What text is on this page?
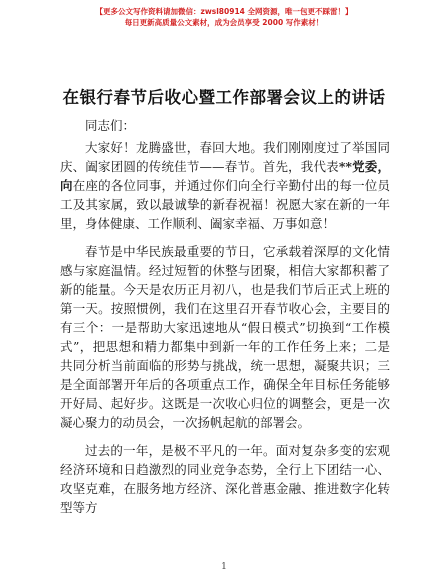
【更多公文写作资料请加微信：zwsl80914 全网资源，唯一包更不踩雷！】
每日更新高质量公文素材，成为会员享受 2000 写作素材！
在银行春节后收心暨工作部署会议上的讲话

同志们：

大家好！龙腾盛世，春回大地。我们刚刚度过了举国同庆、阖家团圆的传统佳节——春节。首先，我代表**党委，向在座的各位同事，并通过你们向全行辛勤付出的每一位员工及其家属，致以最诚挚的新春祝福！祝愿大家在新的一年里，身体健康、工作顺利、阖家幸福、万事如意！

春节是中华民族最重要的节日，它承载着深厚的文化情感与家庭温情。经过短暂的休整与团聚，相信大家都积蓄了新的能量。今天是农历正月初八，也是我们节后正式上班的第一天。按照惯例，我们在这里召开春节收心会，主要目的有三个：一是帮助大家迅速地从“假日模式”切换到“工作模式”，把思想和精力都集中到新一年的工作任务上来；二是共同分析当前面临的形势与挑战，统一思想，凝聚共识；三是全面部署开年后的各项重点工作，确保全年目标任务能够开好局、起好步。这既是一次收心归位的调整会，更是一次凝心聚力的动员会，一次扬帆起航的部署会。

过去的一年，是极不平凡的一年。面对复杂多变的宏观经济环境和日趋激烈的同业竞争态势，全行上下团结一心、攻坚克难，在服务地方经济、深化普惠金融、推进数字化转型等方

1
